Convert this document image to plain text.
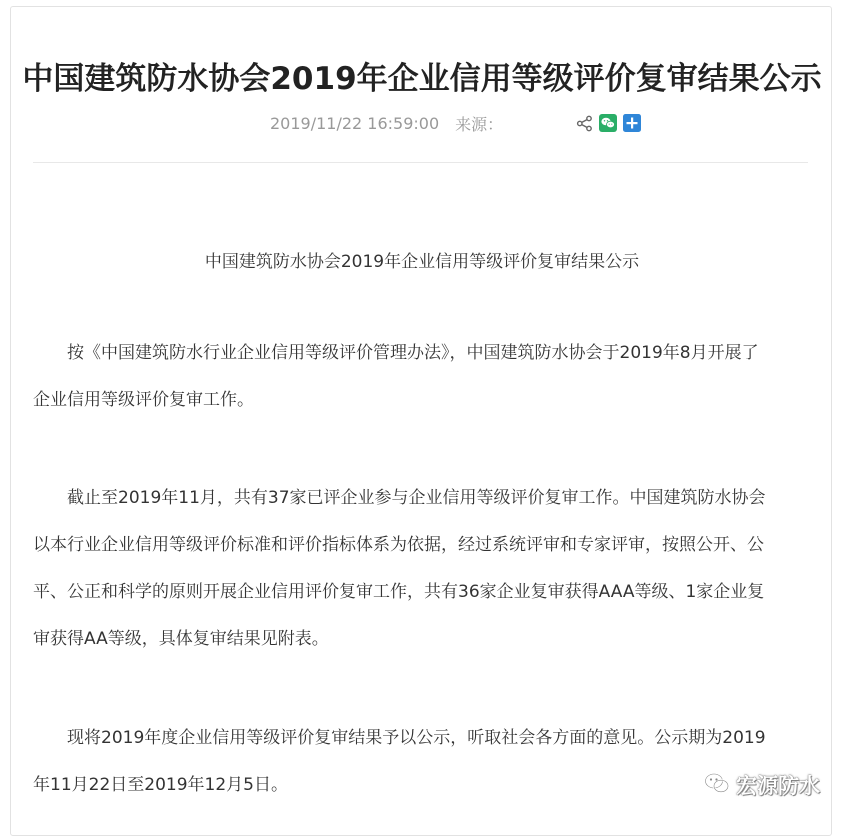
中国建筑防水协会2019年企业信用等级评价复审结果公示
2019/11/22 16:59:00 来源：
中国建筑防水协会2019年企业信用等级评价复审结果公示
按《中国建筑防水行业企业信用等级评价管理办法》，中国建筑防水协会于2019年8月开展了
企业信用等级评价复审工作。
截止至2019年11月，共有37家已评企业参与企业信用等级评价复审工作。中国建筑防水协会
以本行业企业信用等级评价标准和评价指标体系为依据，经过系统评审和专家评审，按照公开、公
平、公正和科学的原则开展企业信用评价复审工作，共有36家企业复审获得AAA等级、1家企业复
审获得AA等级，具体复审结果见附表。
现将2019年度企业信用等级评价复审结果予以公示，听取社会各方面的意见。公示期为2019
年11月22日至2019年12月5日。	宏源防水
